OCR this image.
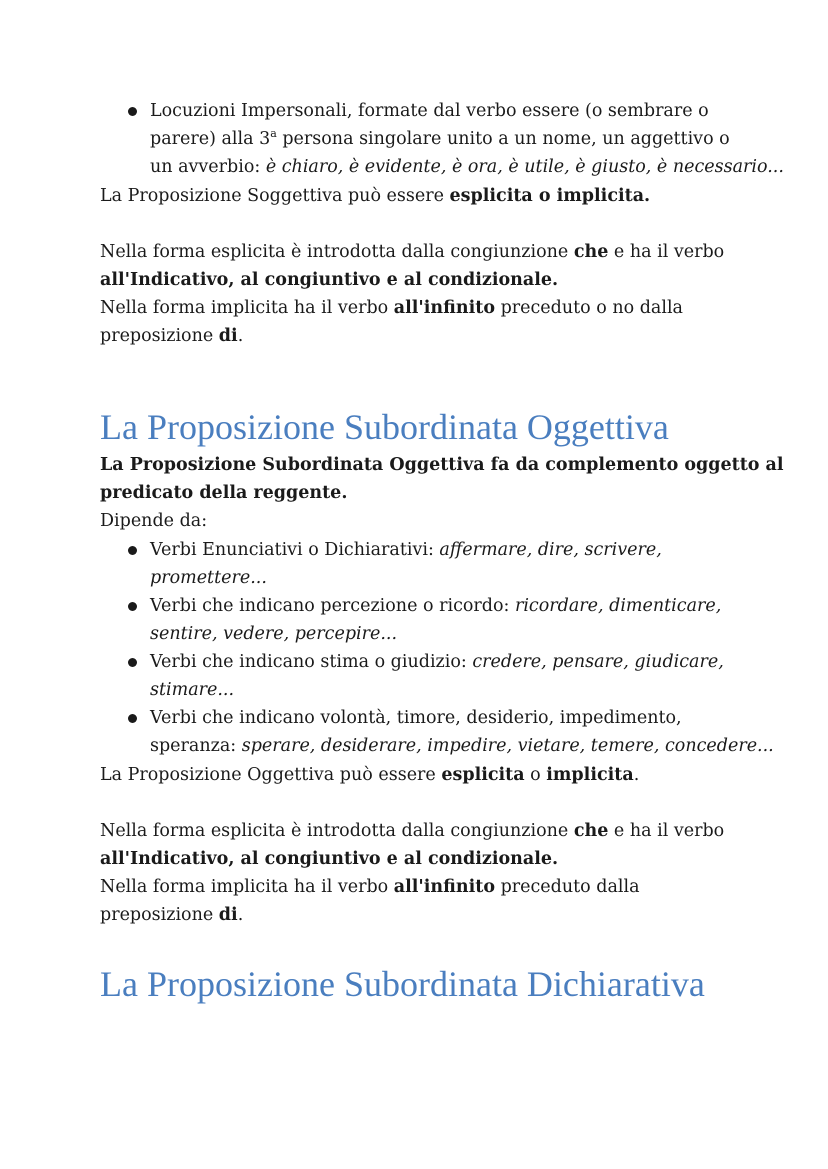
Locuzioni Impersonali, formate dal verbo essere (o sembrare o
parere) alla 3$^a$ persona singolare unito a un nome, un aggettivo o
un avverbio: è chiaro, è evidente, è ora, è utile, è giusto, è necessario...
La Proposizione Soggettiva può essere esplicita o implicita.
Nella forma esplicita è introdotta dalla congiunzione che e ha il verbo
all'Indicativo, al congiuntivo e al condizionale.
Nella forma implicita ha il verbo all'infinito preceduto o no dalla
preposizione di.
La Proposizione Subordinata Oggettiva
La Proposizione Subordinata Oggettiva fa da complemento oggetto al
predicato della reggente.
Dipende da:
Verbi Enunciativi o Dichiarativi: affermare, dire, scrivere,
promettere...
Verbi che indicano percezione o ricordo: ricordare, dimenticare,
sentire, vedere, percepire...
Verbi che indicano stima o giudizio: credere, pensare, giudicare,
stimare...
Verbi che indicano volontà, timore, desiderio, impedimento,
speranza: sperare, desiderare, impedire, vietare, temere, concedere...
La Proposizione Oggettiva può essere esplicita o implicita.
Nella forma esplicita è introdotta dalla congiunzione che e ha il verbo
all'Indicativo, al congiuntivo e al condizionale.
Nella forma implicita ha il verbo all'infinito preceduto dalla
preposizione di.
La Proposizione Subordinata Dichiarativa
